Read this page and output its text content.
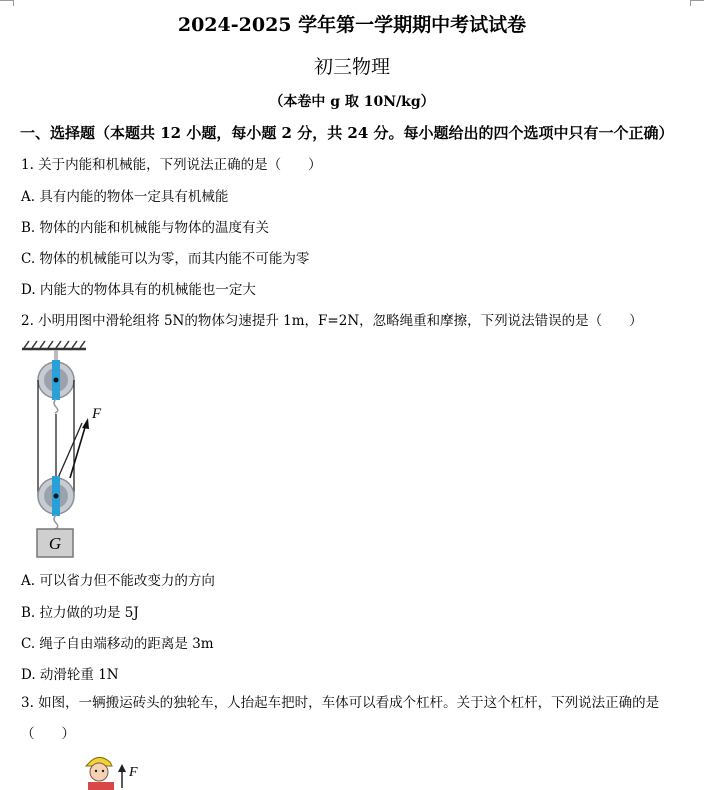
2024-2025 学年第一学期期中考试试卷
初三物理
（本卷中 g 取 10N/kg）
一、选择题（本题共 12 小题，每小题 2 分，共 24 分。每小题给出的四个选项中只有一个正确）
1. 关于内能和机械能，下列说法正确的是（　　）
A. 具有内能的物体一定具有机械能
B. 物体的内能和机械能与物体的温度有关
C. 物体的机械能可以为零，而其内能不可能为零
D. 内能大的物体具有的机械能也一定大
2. 小明用图中滑轮组将 5N的物体匀速提升 1m，F=2N，忽略绳重和摩擦，下列说法错误的是（　　）
F
G
A. 可以省力但不能改变力的方向
B. 拉力做的功是 5J
C. 绳子自由端移动的距离是 3m
D. 动滑轮重 1N
3. 如图，一辆搬运砖头的独轮车，人抬起车把时，车体可以看成个杠杆。关于这个杠杆，下列说法正确的是（　　）
F
